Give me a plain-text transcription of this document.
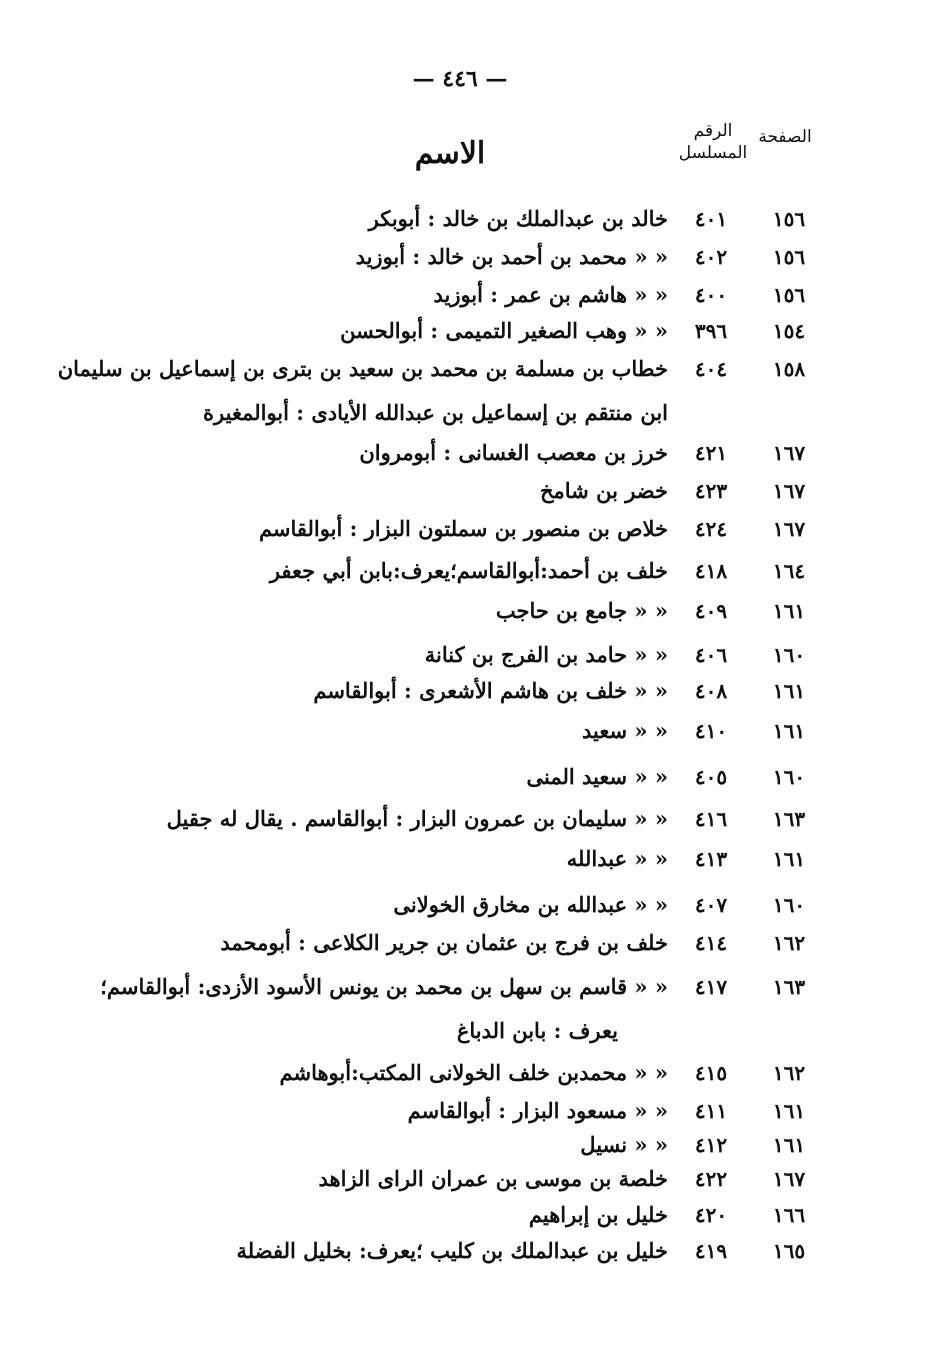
— ٤٤٦ —
الصفحة
الرقم
المسلسل
الاسم
١٥٦
٤٠١
خالد بن عبدالملك بن خالد : أبوبكر
١٥٦
٤٠٢
« « محمد بن أحمد بن خالد : أبوزيد
١٥٦
٤٠٠
« « هاشم بن عمر : أبوزيد
١٥٤
٣٩٦
« « وهب الصغير التميمى : أبوالحسن
١٥٨
٤٠٤
خطاب بن مسلمة بن محمد بن سعيد بن بترى بن إسماعيل بن سليمان
ابن منتقم بن إسماعيل بن عبدالله الأيادى : أبوالمغيرة
١٦٧
٤٢١
خرز بن معصب الغسانى : أبومروان
١٦٧
٤٢٣
خضر بن شامخ
١٦٧
٤٢٤
خلاص بن منصور بن سملتون البزار : أبوالقاسم
١٦٤
٤١٨
خلف بن أحمد:أبوالقاسم؛يعرف:بابن أبي جعفر
١٦١
٤٠٩
« « جامع بن حاجب
١٦٠
٤٠٦
« « حامد بن الفرج بن كنانة
١٦١
٤٠٨
« « خلف بن هاشم الأشعرى : أبوالقاسم
١٦١
٤١٠
« « سعيد
١٦٠
٤٠٥
« « سعيد المنى
١٦٣
٤١٦
« « سليمان بن عمرون البزار : أبوالقاسم . يقال له جقيل
١٦١
٤١٣
« « عبدالله
١٦٠
٤٠٧
« « عبدالله بن مخارق الخولانى
١٦٢
٤١٤
خلف بن فرج بن عثمان بن جرير الكلاعى : أبومحمد
١٦٣
٤١٧
« « قاسم بن سهل بن محمد بن يونس الأسود الأزدى: أبوالقاسم؛
يعرف : بابن الدباغ
١٦٢
٤١٥
« « محمدبن خلف الخولانى المكتب:أبوهاشم
١٦١
٤١١
« « مسعود البزار : أبوالقاسم
١٦١
٤١٢
« « نسيل
١٦٧
٤٢٢
خلصة بن موسى بن عمران الراى الزاهد
١٦٦
٤٢٠
خليل بن إبراهيم
١٦٥
٤١٩
خليل بن عبدالملك بن كليب ؛يعرف: بخليل الفضلة
